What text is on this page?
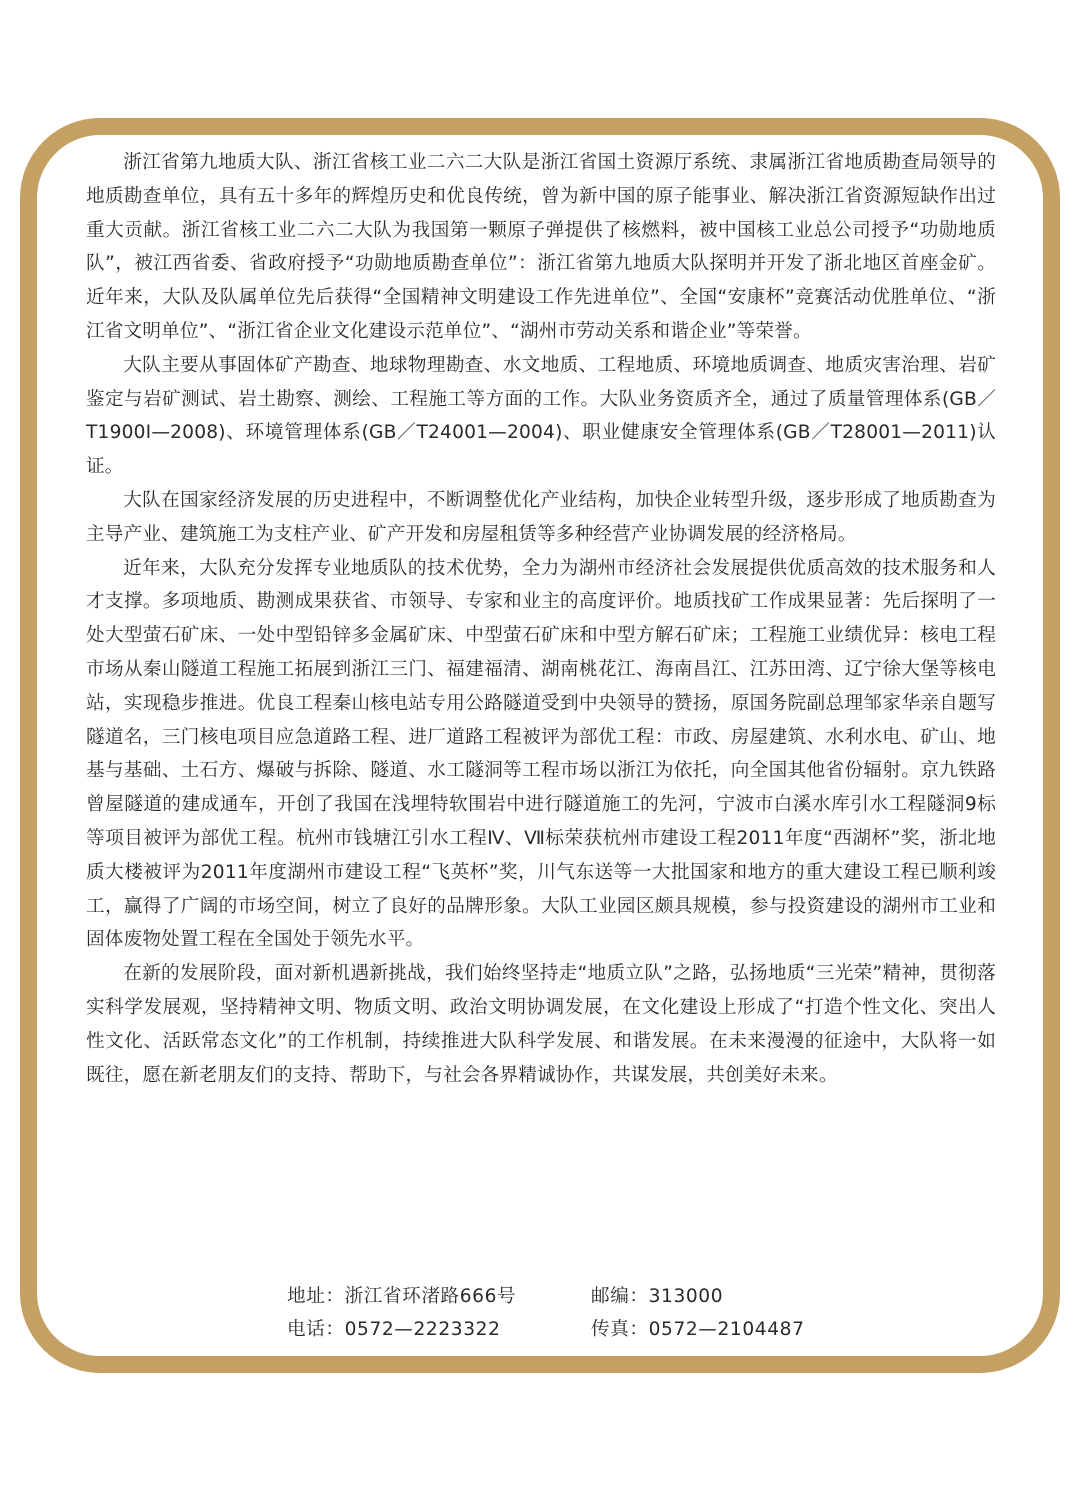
浙江省第九地质大队、浙江省核工业二六二大队是浙江省国土资源厅系统、隶属浙江省地质勘查局领导的地质勘查单位，具有五十多年的辉煌历史和优良传统，曾为新中国的原子能事业、解决浙江省资源短缺作出过重大贡献。浙江省核工业二六二大队为我国第一颗原子弹提供了核燃料，被中国核工业总公司授予“功勋地质队”，被江西省委、省政府授予“功勋地质勘查单位”：浙江省第九地质大队探明并开发了浙北地区首座金矿。近年来，大队及队属单位先后获得“全国精神文明建设工作先进单位”、全国“安康杯”竞赛活动优胜单位、“浙江省文明单位”、“浙江省企业文化建设示范单位”、“湖州市劳动关系和谐企业”等荣誉。

大队主要从事固体矿产勘查、地球物理勘查、水文地质、工程地质、环境地质调查、地质灾害治理、岩矿鉴定与岩矿测试、岩土勘察、测绘、工程施工等方面的工作。大队业务资质齐全，通过了质量管理体系(GB／T1900I—2008)、环境管理体系(GB／T24001—2004)、职业健康安全管理体系(GB／T28001—2011)认证。

大队在国家经济发展的历史进程中，不断调整优化产业结构，加快企业转型升级，逐步形成了地质勘查为主导产业、建筑施工为支柱产业、矿产开发和房屋租赁等多种经营产业协调发展的经济格局。

近年来，大队充分发挥专业地质队的技术优势，全力为湖州市经济社会发展提供优质高效的技术服务和人才支撑。多项地质、勘测成果获省、市领导、专家和业主的高度评价。地质找矿工作成果显著：先后探明了一处大型萤石矿床、一处中型铅锌多金属矿床、中型萤石矿床和中型方解石矿床；工程施工业绩优异：核电工程市场从秦山隧道工程施工拓展到浙江三门、福建福清、湖南桃花江、海南昌江、江苏田湾、辽宁徐大堡等核电站，实现稳步推进。优良工程秦山核电站专用公路隧道受到中央领导的赞扬，原国务院副总理邹家华亲自题写隧道名，三门核电项目应急道路工程、进厂道路工程被评为部优工程：市政、房屋建筑、水利水电、矿山、地基与基础、土石方、爆破与拆除、隧道、水工隧洞等工程市场以浙江为依托，向全国其他省份辐射。京九铁路曾屋隧道的建成通车，开创了我国在浅埋特软围岩中进行隧道施工的先河，宁波市白溪水库引水工程隧洞9标等项目被评为部优工程。杭州市钱塘江引水工程Ⅳ、Ⅶ标荣获杭州市建设工程2011年度“西湖杯”奖，浙北地质大楼被评为2011年度湖州市建设工程“飞英杯”奖，川气东送等一大批国家和地方的重大建设工程已顺利竣工，赢得了广阔的市场空间，树立了良好的品牌形象。大队工业园区颇具规模，参与投资建设的湖州市工业和固体废物处置工程在全国处于领先水平。

在新的发展阶段，面对新机遇新挑战，我们始终坚持走“地质立队”之路，弘扬地质“三光荣”精神，贯彻落实科学发展观，坚持精神文明、物质文明、政治文明协调发展，在文化建设上形成了“打造个性文化、突出人性文化、活跃常态文化”的工作机制，持续推进大队科学发展、和谐发展。在未来漫漫的征途中，大队将一如既往，愿在新老朋友们的支持、帮助下，与社会各界精诚协作，共谋发展，共创美好未来。

地址：浙江省环渚路666号	邮编：313000
电话：0572—2223322	传真：0572—2104487
